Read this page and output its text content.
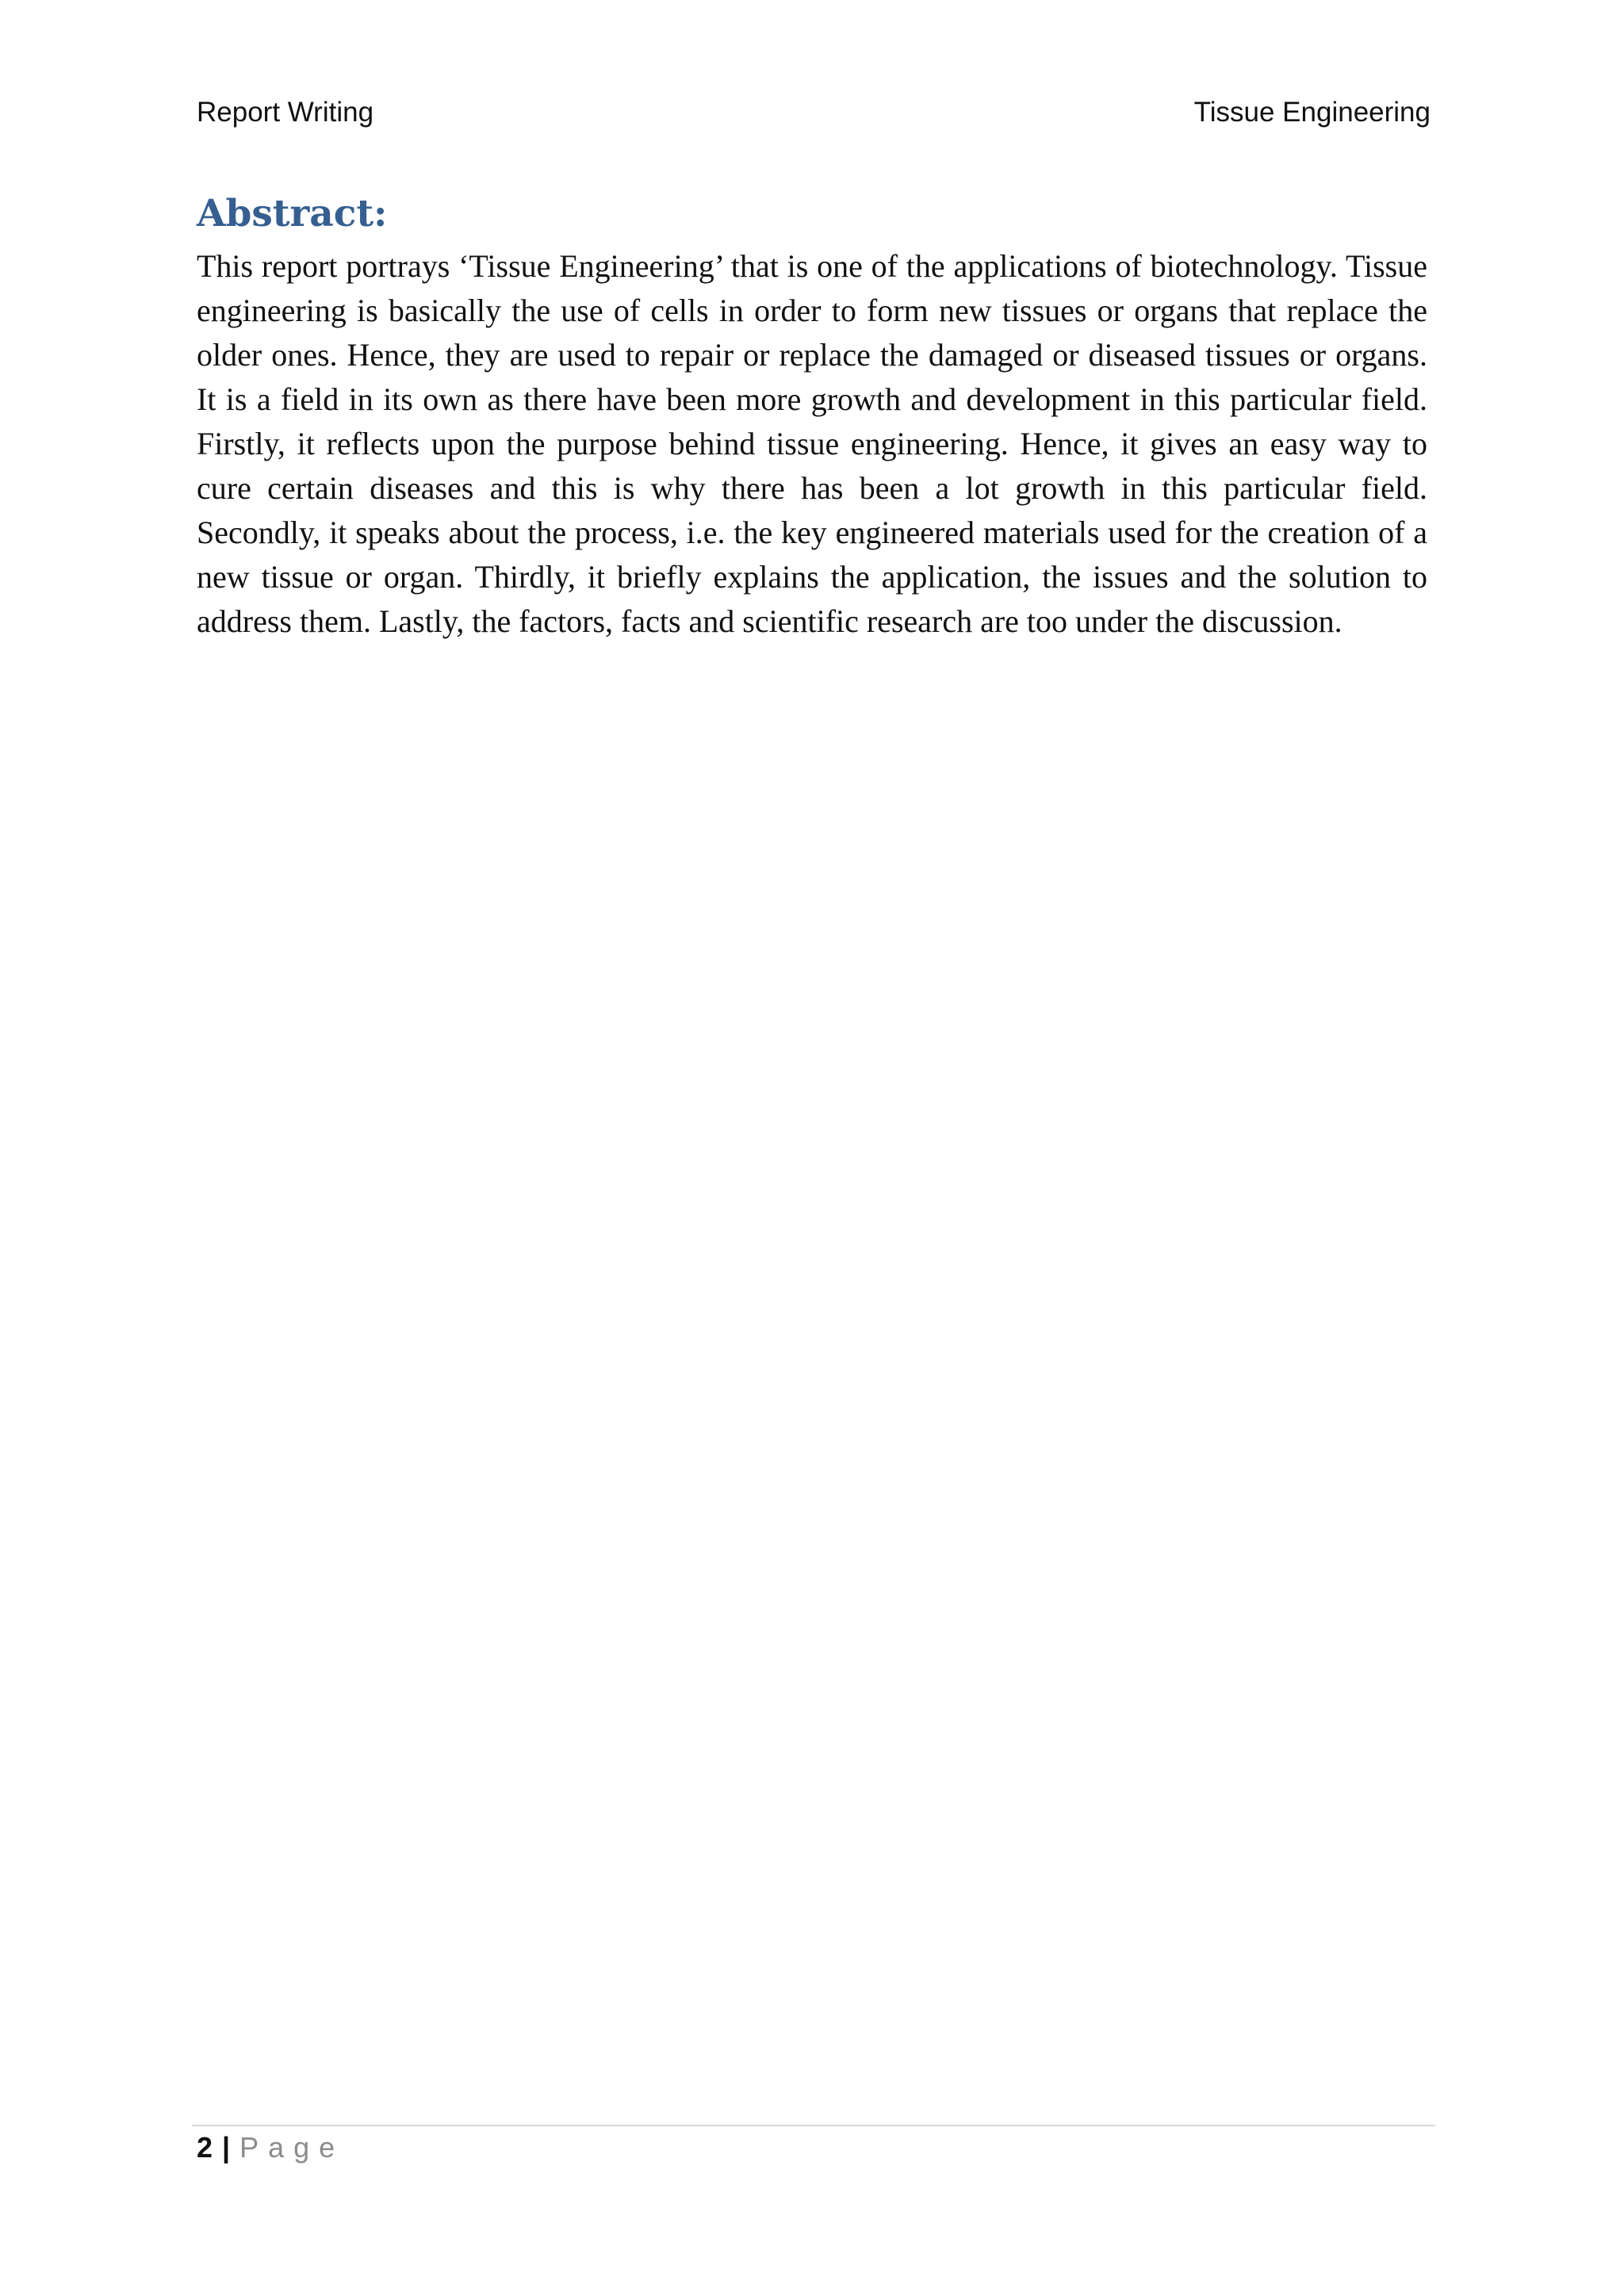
Report Writing	Tissue Engineering
Abstract:

This report portrays ‘Tissue Engineering’ that is one of the applications of biotechnology. Tissue engineering is basically the use of cells in order to form new tissues or organs that replace the older ones. Hence, they are used to repair or replace the damaged or diseased tissues or organs. It is a field in its own as there have been more growth and development in this particular field. Firstly, it reflects upon the purpose behind tissue engineering. Hence, it gives an easy way to cure certain diseases and this is why there has been a lot growth in this particular field. Secondly, it speaks about the process, i.e. the key engineered materials used for the creation of a new tissue or organ. Thirdly, it briefly explains the application, the issues and the solution to address them. Lastly, the factors, facts and scientific research are too under the discussion.

2 | Page
